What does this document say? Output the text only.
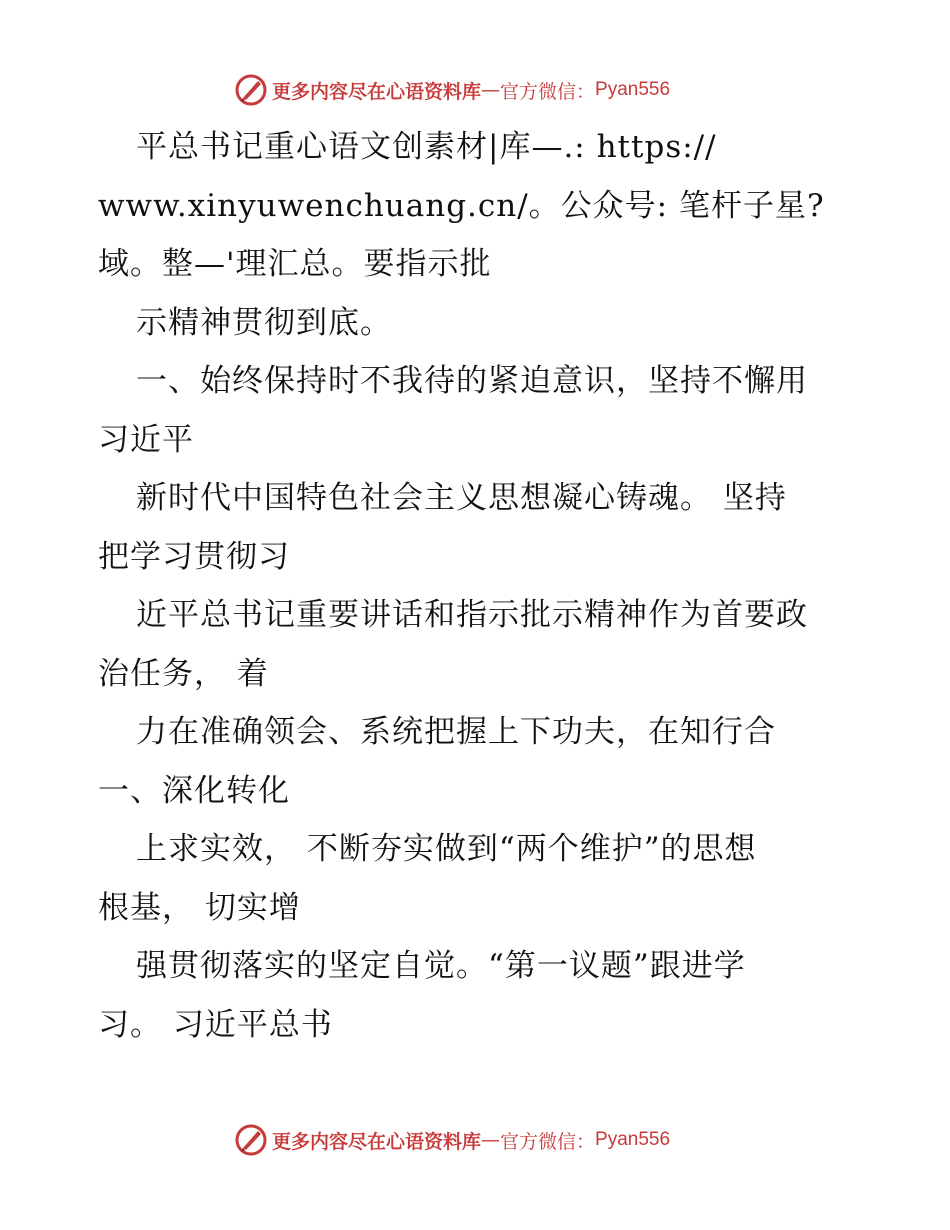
更多内容尽在心语资料库 — 官方微信： Pyan556
平总书记重心语文创素材|库—.: https://
www.xinyuwenchuang.cn/。公众号: 笔杆子星?
域。整—'理汇总。要指示批
示精神贯彻到底。
一、始终保持时不我待的紧迫意识，坚持不懈用
习近平
新时代中国特色社会主义思想凝心铸魂。 坚持
把学习贯彻习
近平总书记重要讲话和指示批示精神作为首要政
治任务， 着
力在准确领会、系统把握上下功夫，在知行合
一、深化转化
上求实效， 不断夯实做到“两个维护”的思想
根基， 切实增
强贯彻落实的坚定自觉。“第一议题”跟进学
习。 习近平总书
更多内容尽在心语资料库 — 官方微信： Pyan556
